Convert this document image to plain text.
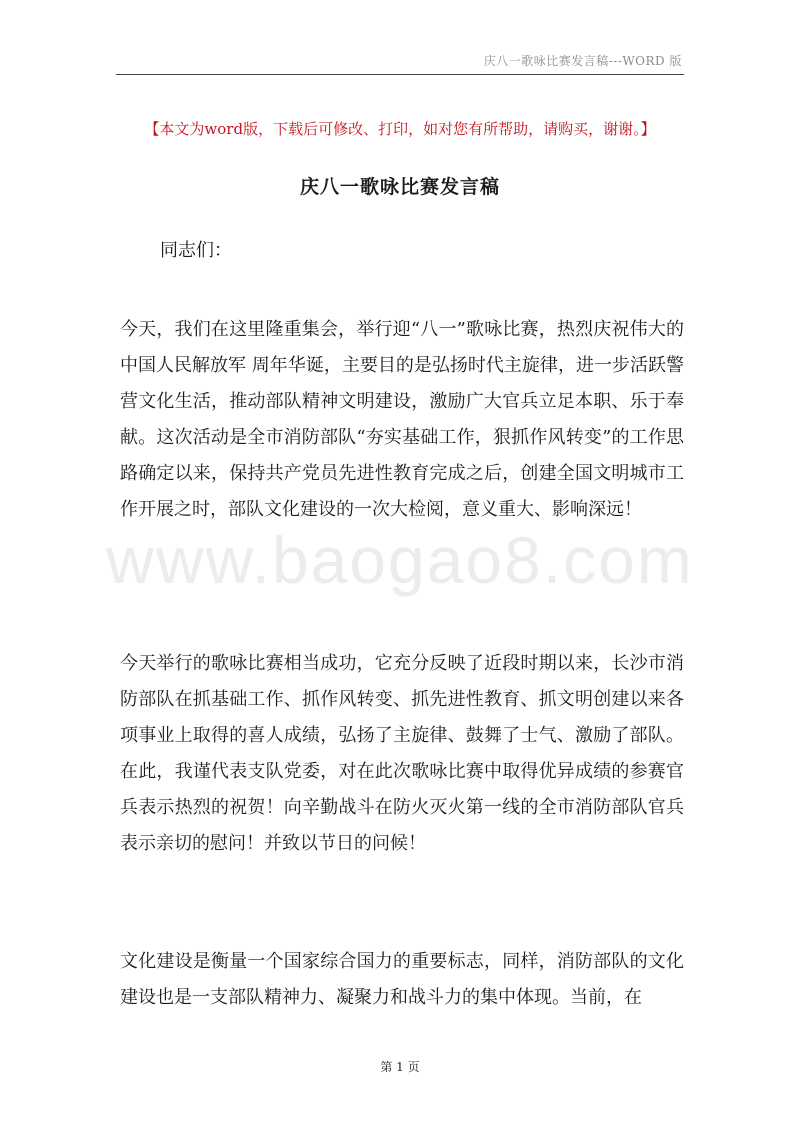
庆八一歌咏比赛发言稿---WORD 版
【本文为word版，下载后可修改、打印，如对您有所帮助，请购买，谢谢。】
庆八一歌咏比赛发言稿
同志们：

今天，我们在这里隆重集会，举行迎“八一”歌咏比赛，热烈庆祝伟大的中国人民解放军 周年华诞，主要目的是弘扬时代主旋律，进一步活跃警营文化生活，推动部队精神文明建设，激励广大官兵立足本职、乐于奉献。这次活动是全市消防部队“夯实基础工作，狠抓作风转变”的工作思路确定以来，保持共产党员先进性教育完成之后，创建全国文明城市工作开展之时，部队文化建设的一次大检阅，意义重大、影响深远！

今天举行的歌咏比赛相当成功，它充分反映了近段时期以来，长沙市消防部队在抓基础工作、抓作风转变、抓先进性教育、抓文明创建以来各项事业上取得的喜人成绩，弘扬了主旋律、鼓舞了士气、激励了部队。在此，我谨代表支队党委，对在此次歌咏比赛中取得优异成绩的参赛官兵表示热烈的祝贺！向辛勤战斗在防火灭火第一线的全市消防部队官兵表示亲切的慰问！并致以节日的问候！

文化建设是衡量一个国家综合国力的重要标志，同样，消防部队的文化建设也是一支部队精神力、凝聚力和战斗力的集中体现。当前，在

www.baogao8.com
第 1 页
